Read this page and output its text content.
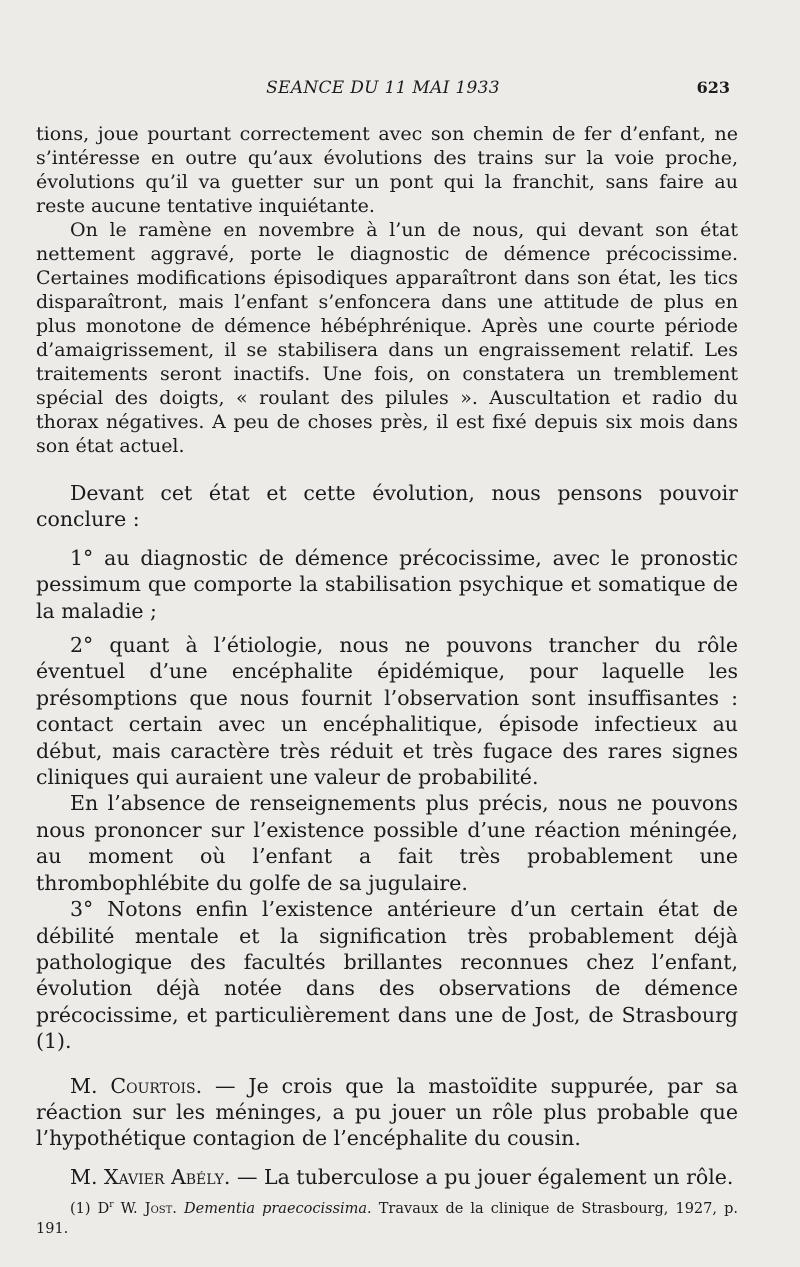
SEANCE DU 11 MAI 1933	623

tions, joue pourtant correctement avec son chemin de fer d’enfant, ne s’intéresse en outre qu’aux évolutions des trains sur la voie proche, évolutions qu’il va guetter sur un pont qui la franchit, sans faire au reste aucune tentative inquiétante.

On le ramène en novembre à l’un de nous, qui devant son état nettement aggravé, porte le diagnostic de démence précocissime. Certaines modifications épisodiques apparaîtront dans son état, les tics disparaîtront, mais l’enfant s’enfoncera dans une attitude de plus en plus monotone de démence hébéphrénique. Après une courte période d’amaigrissement, il se stabilisera dans un engraissement relatif. Les traitements seront inactifs. Une fois, on constatera un tremblement spécial des doigts, « roulant des pilules ». Auscultation et radio du thorax négatives. A peu de choses près, il est fixé depuis six mois dans son état actuel.

Devant cet état et cette évolution, nous pensons pouvoir conclure :

1° au diagnostic de démence précocissime, avec le pronostic pessimum que comporte la stabilisation psychique et somatique de la maladie ;

2° quant à l’étiologie, nous ne pouvons trancher du rôle éventuel d’une encéphalite épidémique, pour laquelle les présomptions que nous fournit l’observation sont insuffisantes : contact certain avec un encéphalitique, épisode infectieux au début, mais caractère très réduit et très fugace des rares signes cliniques qui auraient une valeur de probabilité.

En l’absence de renseignements plus précis, nous ne pouvons nous prononcer sur l’existence possible d’une réaction méningée, au moment où l’enfant a fait très probablement une thrombophlébite du golfe de sa jugulaire.

3° Notons enfin l’existence antérieure d’un certain état de débilité mentale et la signification très probablement déjà pathologique des facultés brillantes reconnues chez l’enfant, évolution déjà notée dans des observations de démence précocissime, et particulièrement dans une de Jost, de Strasbourg (1).

M. Courtois. — Je crois que la mastoïdite suppurée, par sa réaction sur les méninges, a pu jouer un rôle plus probable que l’hypothétique contagion de l’encéphalite du cousin.

M. Xavier Abély. — La tuberculose a pu jouer également un rôle.

(1) $D^r$ W. Jost. Dementia praecocissima. Travaux de la clinique de Strasbourg, 1927, p. 191.
